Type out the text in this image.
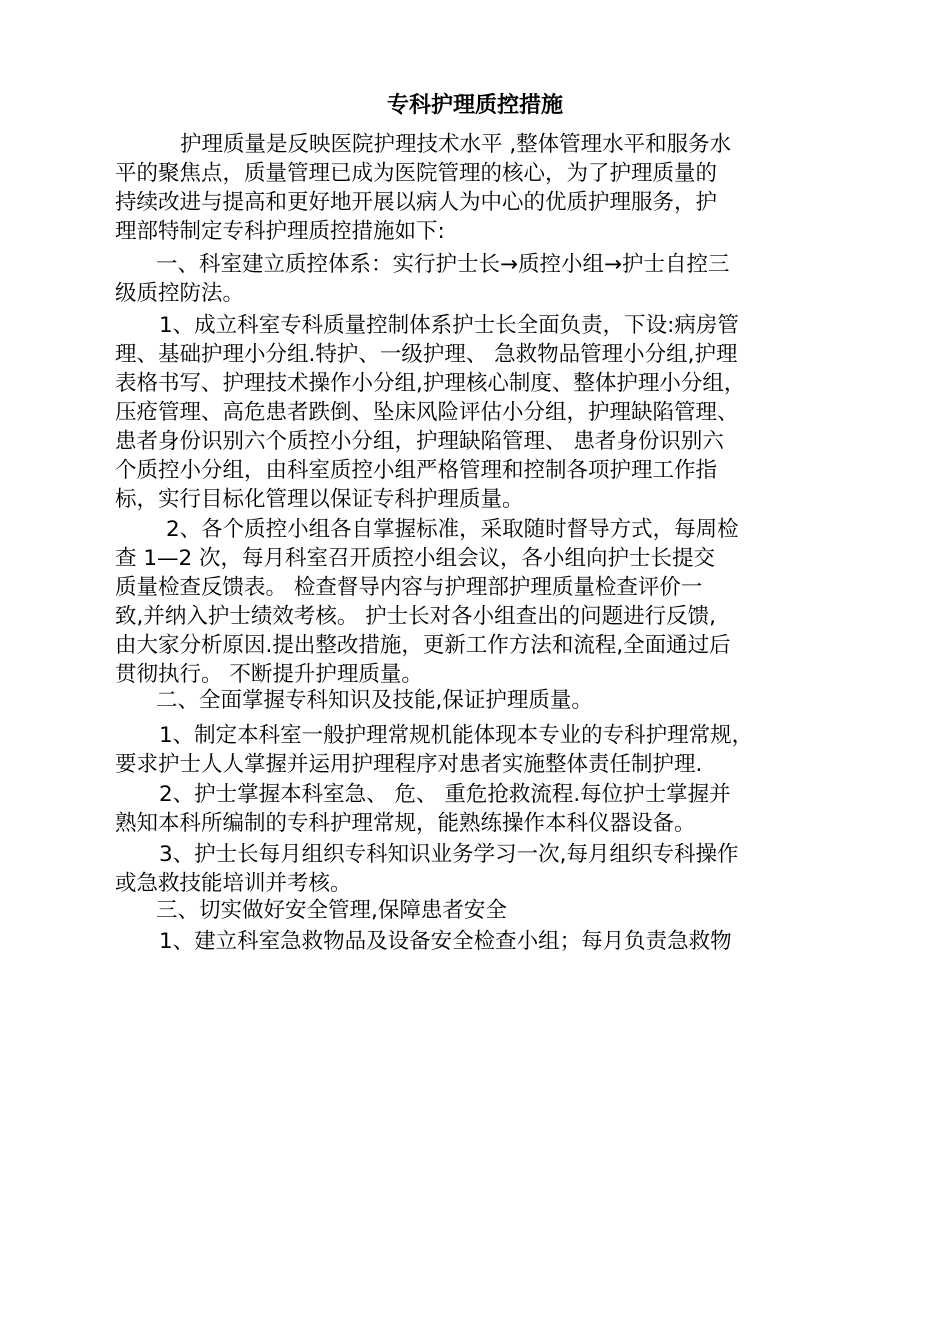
专科护理质控措施
护理质量是反映医院护理技术水平 ,整体管理水平和服务水
平的聚焦点，质量管理已成为医院管理的核心，为了护理质量的
持续改进与提高和更好地开展以病人为中心的优质护理服务，护
理部特制定专科护理质控措施如下:
一、科室建立质控体系：实行护士长→质控小组→护士自控三
级质控防法。
1、成立科室专科质量控制体系护士长全面负责，下设:病房管
理、基础护理小分组.特护、一级护理、 急救物品管理小分组,护理
表格书写、护理技术操作小分组,护理核心制度、整体护理小分组，
压疮管理、高危患者跌倒、坠床风险评估小分组，护理缺陷管理、
患者身份识别六个质控小分组，护理缺陷管理、 患者身份识别六
个质控小分组，由科室质控小组严格管理和控制各项护理工作指
标，实行目标化管理以保证专科护理质量。
2、各个质控小组各自掌握标准，采取随时督导方式，每周检
查 1—2 次，每月科室召开质控小组会议，各小组向护士长提交
质量检查反馈表。 检查督导内容与护理部护理质量检查评价一
致,并纳入护士绩效考核。 护士长对各小组查出的问题进行反馈,
由大家分析原因.提出整改措施，更新工作方法和流程,全面通过后
贯彻执行。 不断提升护理质量。
二、全面掌握专科知识及技能,保证护理质量。
1、制定本科室一般护理常规机能体现本专业的专科护理常规，
要求护士人人掌握并运用护理程序对患者实施整体责任制护理.
2、护士掌握本科室急、 危、 重危抢救流程.每位护士掌握并
熟知本科所编制的专科护理常规，能熟练操作本科仪器设备。
3、护士长每月组织专科知识业务学习一次,每月组织专科操作
或急救技能培训并考核。
三、切实做好安全管理,保障患者安全
1、建立科室急救物品及设备安全检查小组；每月负责急救物
